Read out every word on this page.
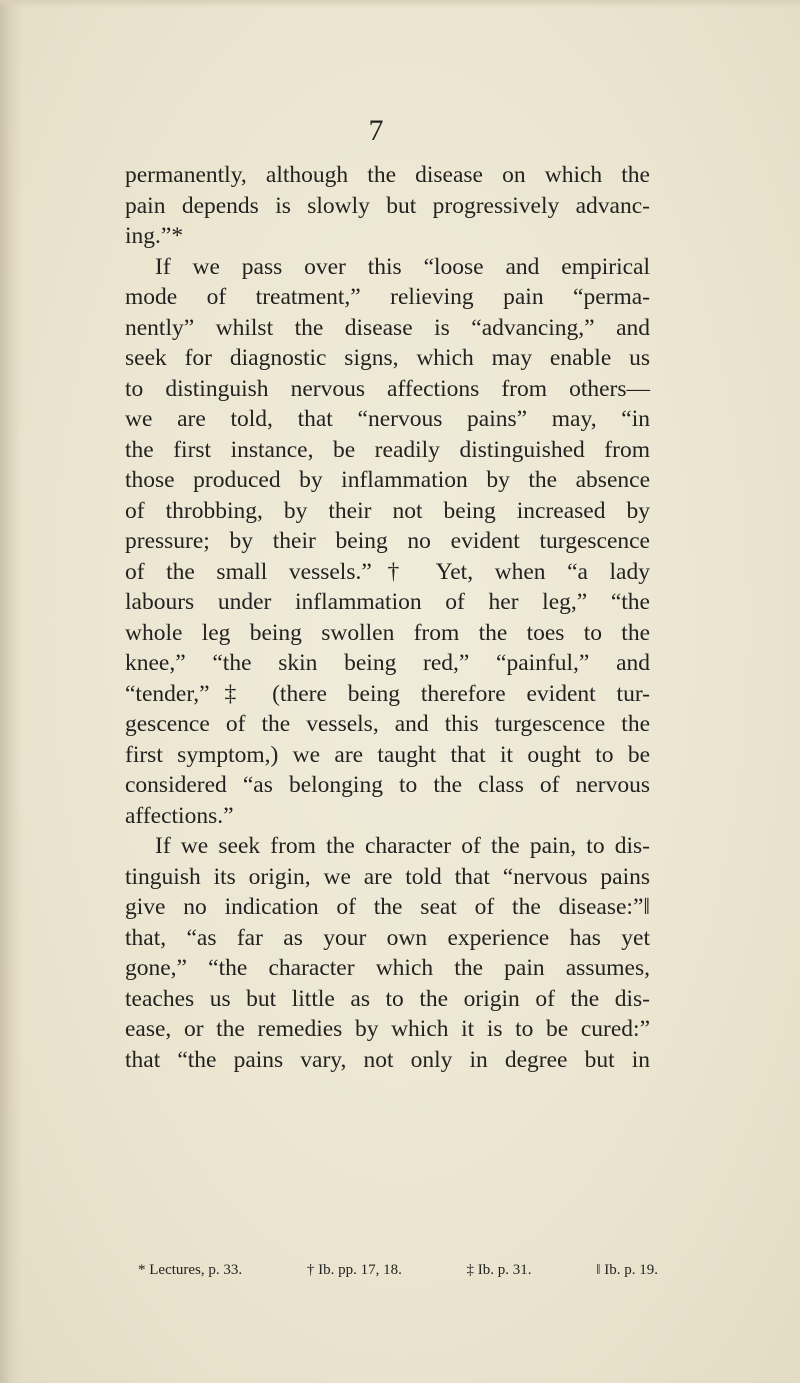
7
permanently, although the disease on which the
pain depends is slowly but progressively advanc-
ing.”*
If we pass over this “loose and empirical
mode of treatment,” relieving pain “perma-
nently” whilst the disease is “advancing,” and
seek for diagnostic signs, which may enable us
to distinguish nervous affections from others—
we are told, that “nervous pains” may, “in
the first instance, be readily distinguished from
those produced by inflammation by the absence
of throbbing, by their not being increased by
pressure; by their being no evident turgescence
of the small vessels.”† Yet, when “a lady
labours under inflammation of her leg,” “the
whole leg being swollen from the toes to the
knee,” “the skin being red,” “painful,” and
“tender,”‡ (there being therefore evident tur-
gescence of the vessels, and this turgescence the
first symptom,) we are taught that it ought to be
considered “as belonging to the class of nervous
affections.”
If we seek from the character of the pain, to dis-
tinguish its origin, we are told that “nervous pains
give no indication of the seat of the disease:”‖
that, “as far as your own experience has yet
gone,” “the character which the pain assumes,
teaches us but little as to the origin of the dis-
ease, or the remedies by which it is to be cured:”
that “the pains vary, not only in degree but in
* Lectures, p. 33.	† Ib. pp. 17, 18.	‡ Ib. p. 31.	‖ Ib. p. 19.
